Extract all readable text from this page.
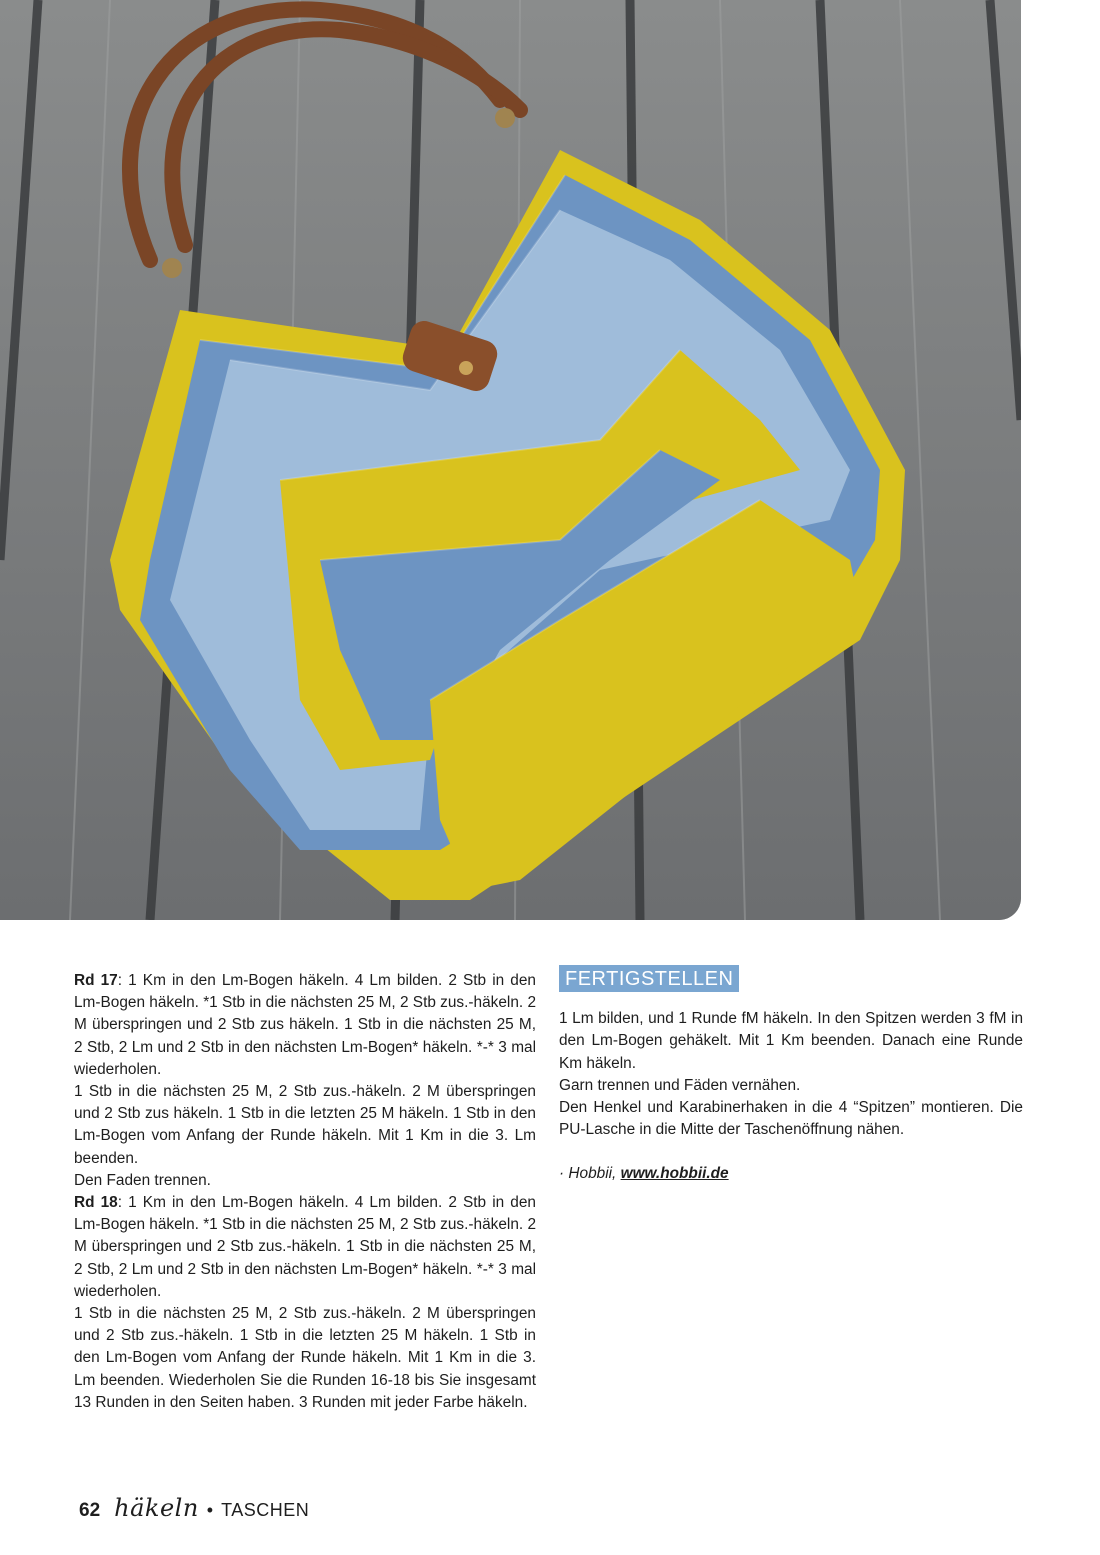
Rd 17: 1 Km in den Lm-Bogen häkeln. 4 Lm bilden. 2 Stb in den Lm-Bogen häkeln. *1 Stb in die nächsten 25 M, 2 Stb zus.-häkeln. 2 M überspringen und 2 Stb zus häkeln. 1 Stb in die nächsten 25 M, 2 Stb, 2 Lm und 2 Stb in den nächsten Lm-Bogen* häkeln. *-* 3 mal wiederholen.

1 Stb in die nächsten 25 M, 2 Stb zus.-häkeln. 2 M überspringen und 2 Stb zus häkeln. 1 Stb in die letzten 25 M häkeln. 1 Stb in den Lm-Bogen vom Anfang der Runde häkeln. Mit 1 Km in die 3. Lm beenden.

Den Faden trennen.

Rd 18: 1 Km in den Lm-Bogen häkeln. 4 Lm bilden. 2 Stb in den Lm-Bogen häkeln. *1 Stb in die nächsten 25 M, 2 Stb zus.-häkeln. 2 M überspringen und 2 Stb zus.-häkeln. 1 Stb in die nächsten 25 M, 2 Stb, 2 Lm und 2 Stb in den nächsten Lm-Bogen* häkeln. *-* 3 mal wiederholen.

1 Stb in die nächsten 25 M, 2 Stb zus.-häkeln. 2 M überspringen und 2 Stb zus.-häkeln. 1 Stb in die letzten 25 M häkeln. 1 Stb in den Lm-Bogen vom Anfang der Runde häkeln. Mit 1 Km in die 3. Lm beenden. Wiederholen Sie die Runden 16-18 bis Sie insgesamt 13 Runden in den Seiten haben. 3 Runden mit jeder Farbe häkeln.

FERTIGSTELLEN

1 Lm bilden, und 1 Runde fM häkeln. In den Spitzen werden 3 fM in den Lm-Bogen gehäkelt. Mit 1 Km beenden. Danach eine Runde Km häkeln.

Garn trennen und Fäden vernähen.

Den Henkel und Karabinerhaken in die 4 “Spitzen” montieren. Die PU-Lasche in die Mitte der Taschenöffnung nähen.

· Hobbii, www.hobbii.de

62 häkeln • TASCHEN
